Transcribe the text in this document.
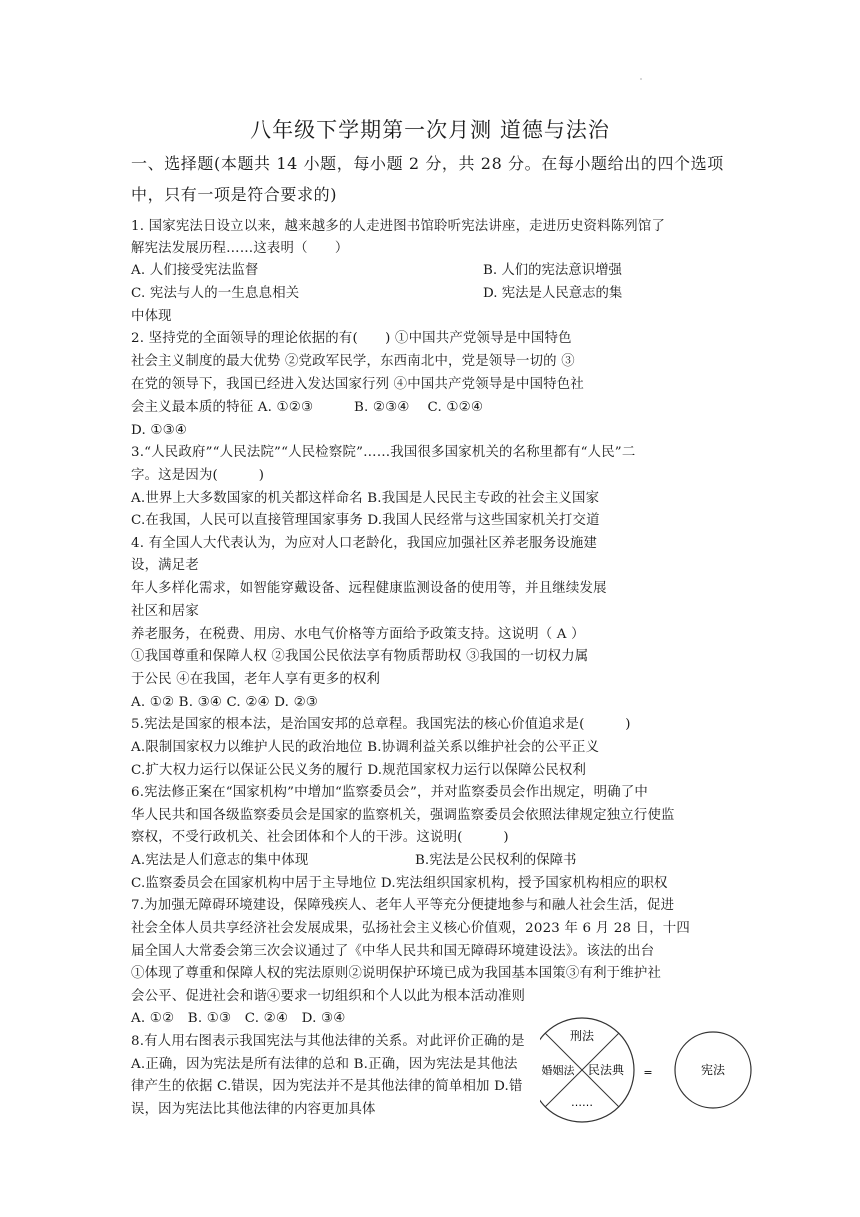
八年级下学期第一次月测 道德与法治
一、选择题(本题共 14 小题，每小题 2 分，共 28 分。在每小题给出的四个选项
中，只有一项是符合要求的)
1. 国家宪法日设立以来，越来越多的人走进图书馆聆听宪法讲座，走进历史资料陈列馆了
解宪法发展历程……这表明（　　）
A. 人们接受宪法监督	B. 人们的宪法意识增强
C. 宪法与人的一生息息相关	D. 宪法是人民意志的集
中体现
2. 坚持党的全面领导的理论依据的有(　　) ①中国共产党领导是中国特色
社会主义制度的最大优势 ②党政军民学，东西南北中，党是领导一切的 ③
在党的领导下，我国已经进入发达国家行列 ④中国共产党领导是中国特色社
会主义最本质的特征 A. ①②③　　　B. ②③④　 C. ①②④
D. ①③④
3.“人民政府”“人民法院”“人民检察院”……我国很多国家机关的名称里都有“人民”二
字。这是因为(　　　)
A.世界上大多数国家的机关都这样命名 B.我国是人民民主专政的社会主义国家
C.在我国，人民可以直接管理国家事务 D.我国人民经常与这些国家机关打交道
4. 有全国人大代表认为，为应对人口老龄化，我国应加强社区养老服务设施建
设，满足老
年人多样化需求，如智能穿戴设备、远程健康监测设备的使用等，并且继续发展
社区和居家
养老服务，在税费、用房、水电气价格等方面给予政策支持。这说明（ A ）
①我国尊重和保障人权 ②我国公民依法享有物质帮助权 ③我国的一切权力属
于公民 ④在我国，老年人享有更多的权利
A. ①② B. ③④ C. ②④ D. ②③
5.宪法是国家的根本法，是治国安邦的总章程。我国宪法的核心价值追求是(　　　)
A.限制国家权力以维护人民的政治地位 B.协调利益关系以维护社会的公平正义
C.扩大权力运行以保证公民义务的履行 D.规范国家权力运行以保障公民权利
6.宪法修正案在“国家机构”中增加“监察委员会”，并对监察委员会作出规定，明确了中
华人民共和国各级监察委员会是国家的监察机关，强调监察委员会依照法律规定独立行使监
察权，不受行政机关、社会团体和个人的干涉。这说明(　　　)
A.宪法是人们意志的集中体现	B.宪法是公民权利的保障书
C.监察委员会在国家机构中居于主导地位 D.宪法组织国家机构，授予国家机构相应的职权
7.为加强无障碍环境建设，保障残疾人、老年人平等充分便捷地参与和融人社会生活，促进
社会全体人员共享经济社会发展成果，弘扬社会主义核心价值观，2023 年 6 月 28 日，十四
届全国人大常委会第三次会议通过了《中华人民共和国无障碍环境建设法》。该法的出台
①体现了尊重和保障人权的宪法原则②说明保护环境已成为我国基本国策③有利于维护社
会公平、促进社会和谐④要求一切组织和个人以此为根本活动准则
A. ①②　B. ①③　C. ②④　D. ③④
8.有人用右图表示我国宪法与其他法律的关系。对此评价正确的是
A.正确，因为宪法是所有法律的总和 B.正确，因为宪法是其他法
律产生的依据 C.错误，因为宪法并不是其他法律的简单相加 D.错
误，因为宪法比其他法律的内容更加具体
刑法
婚姻法 民法典
……
=	宪法
